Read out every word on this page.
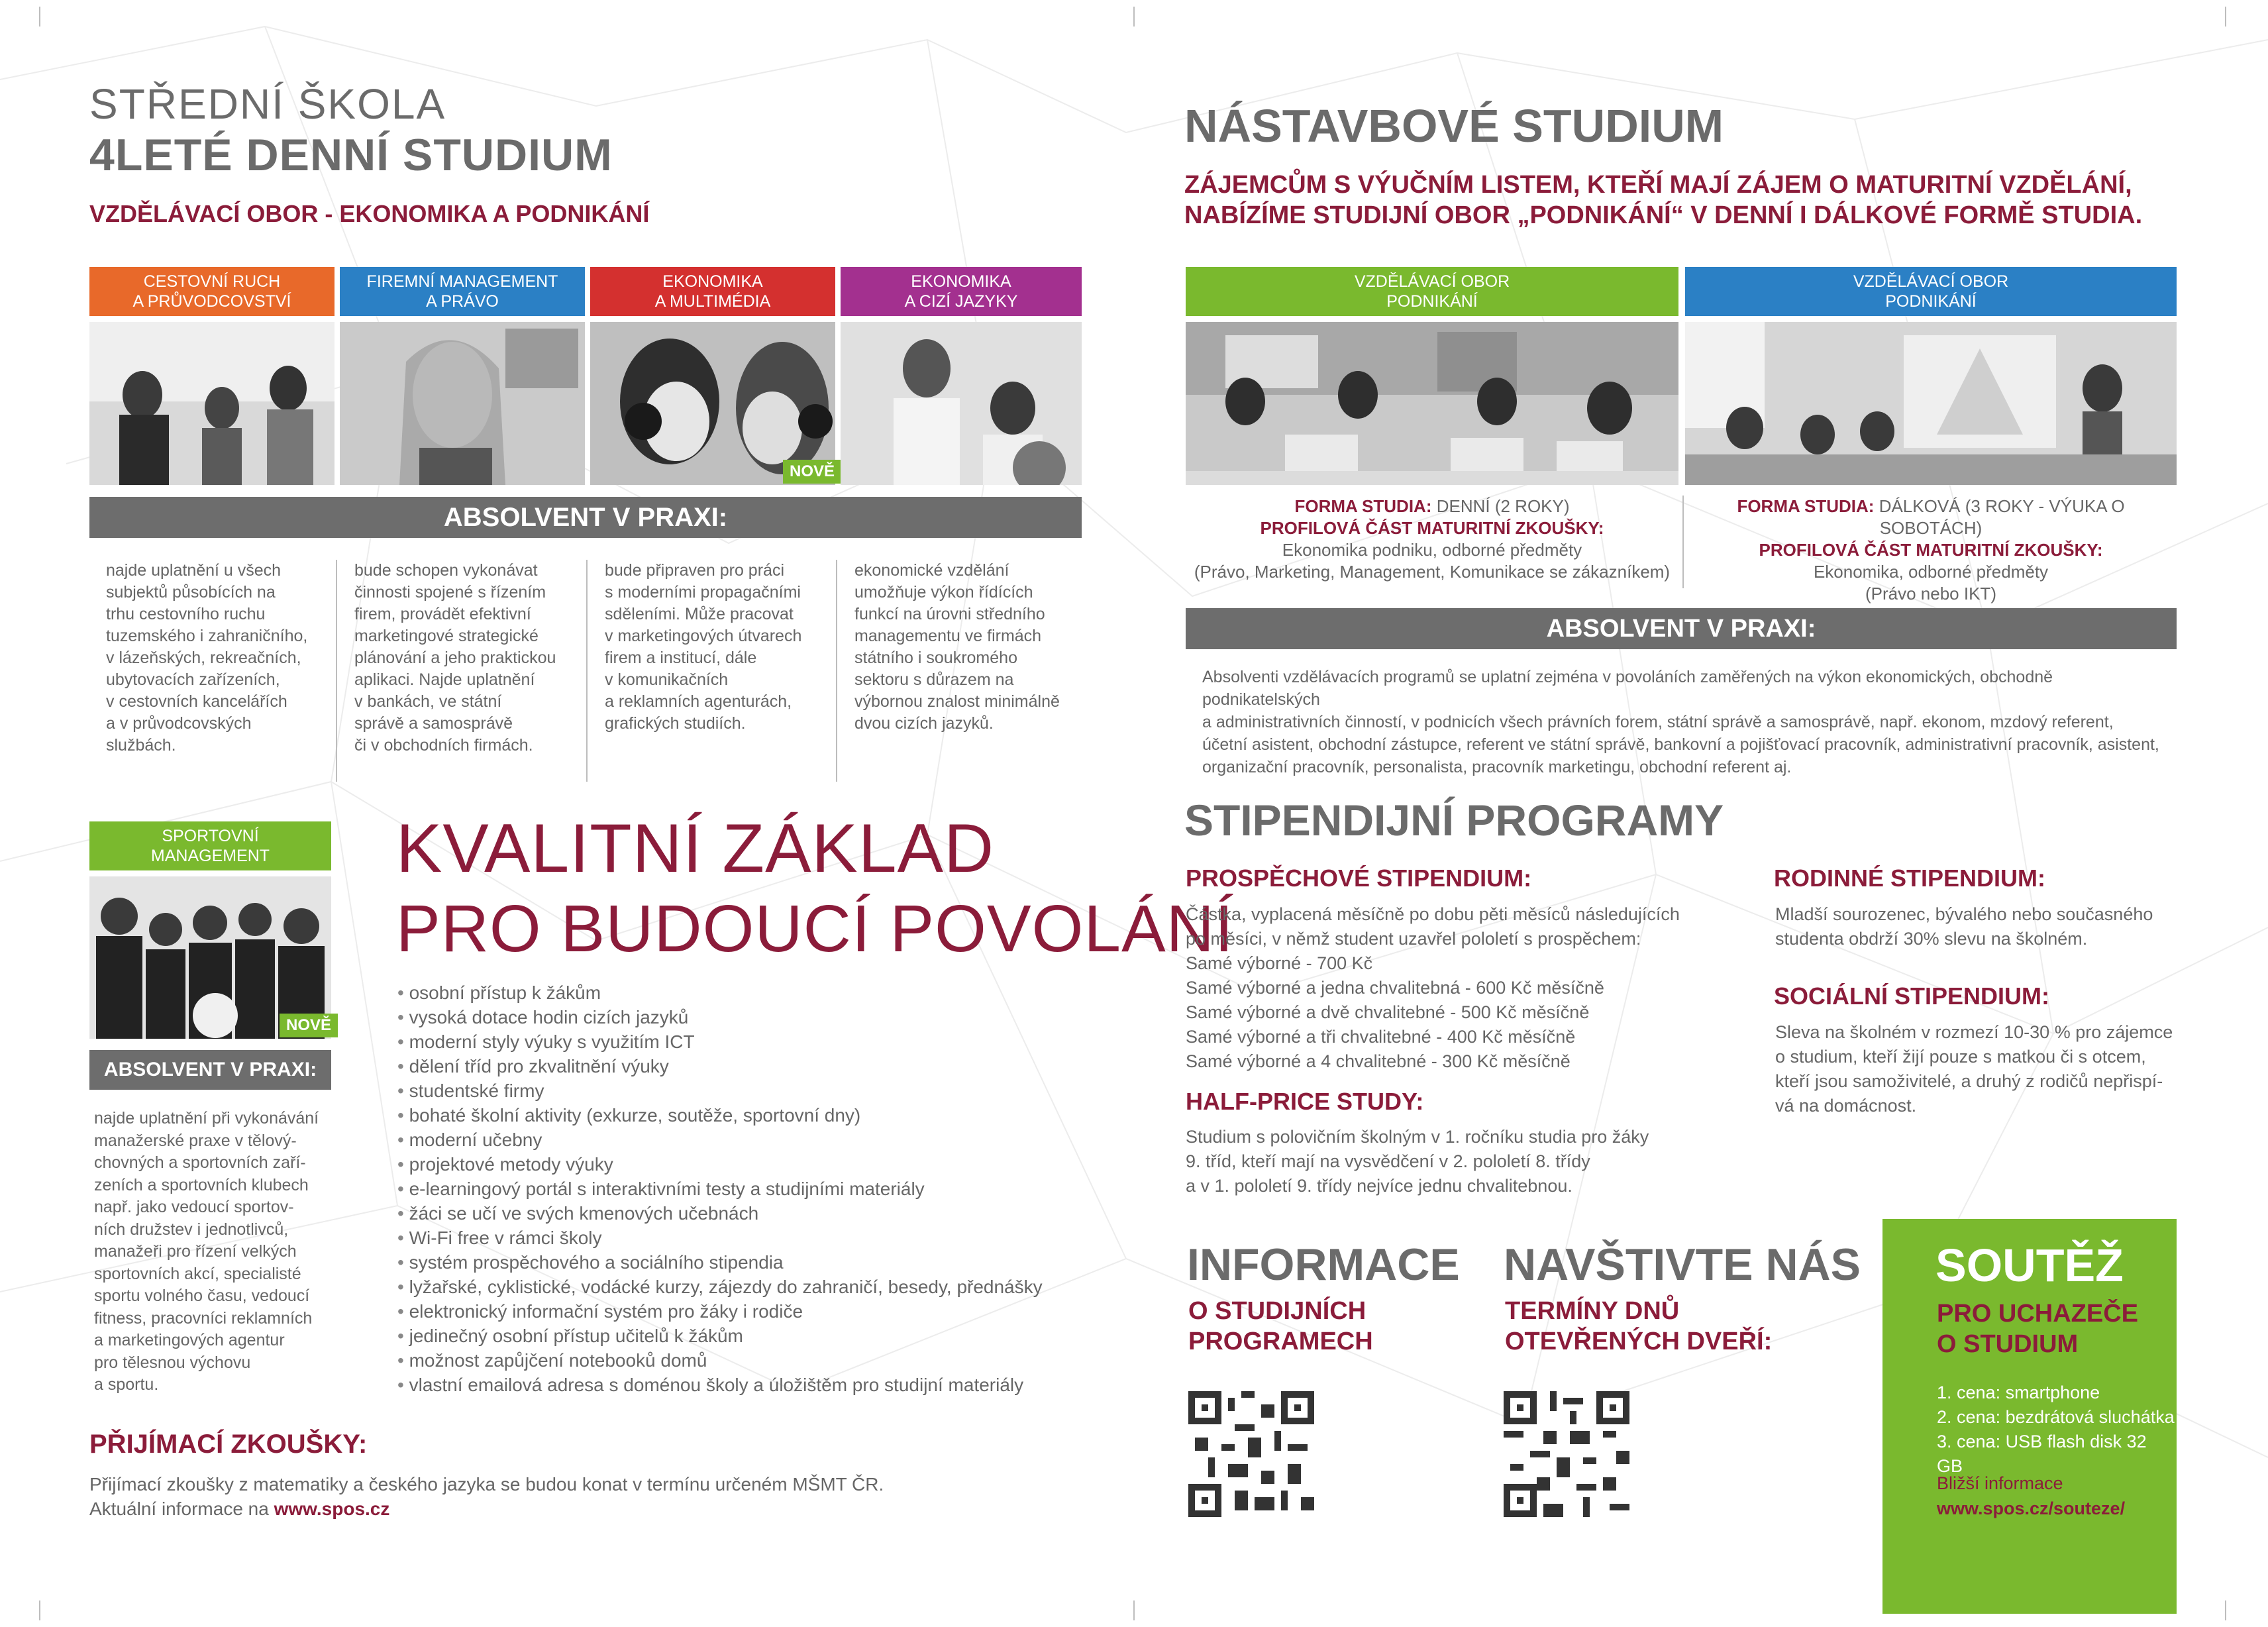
STŘEDNÍ ŠKOLA
4LETÉ DENNÍ STUDIUM
VZDĚLÁVACÍ OBOR - EKONOMIKA A PODNIKÁNÍ
CESTOVNÍ RUCH
A PRŮVODCOVSTVÍ
FIREMNÍ MANAGEMENT
A PRÁVO
EKONOMIKA
A MULTIMÉDIA
EKONOMIKA
A CIZÍ JAZYKY
NOVĚ
ABSOLVENT V PRAXI:
najde uplatnění u všech
subjektů působících na
trhu cestovního ruchu
tuzemského i zahraničního,
v lázeňských, rekreačních,
ubytovacích zařízeních,
v cestovních kancelářích
a v průvodcovských
službách.
bude schopen vykonávat
činnosti spojené s řízením
firem, provádět efektivní
marketingové strategické
plánování a jeho praktickou
aplikaci. Najde uplatnění
v bankách, ve státní
správě a samosprávě
či v obchodních firmách.
bude připraven pro práci
s moderními propagačními
sděleními. Může pracovat
v marketingových útvarech
firem a institucí, dále
v komunikačních
a reklamních agenturách,
grafických studiích.
ekonomické vzdělání
umožňuje výkon řídících
funkcí na úrovni středního
managementu ve firmách
státního i soukromého
sektoru s důrazem na
výbornou znalost minimálně
dvou cizích jazyků.
SPORTOVNÍ
MANAGEMENT
NOVĚ
ABSOLVENT V PRAXI:
najde uplatnění při vykonávání
manažerské praxe v tělový-
chovných a sportovních zaří-
zeních a sportovních klubech
např. jako vedoucí sportov-
ních družstev i jednotlivců,
manažeři pro řízení velkých
sportovních akcí, specialisté
sportu volného času, vedoucí
fitness, pracovníci reklamních
a marketingových agentur
pro tělesnou výchovu
a sportu.
KVALITNÍ ZÁKLAD
PRO BUDOUCÍ POVOLÁNÍ
• osobní přístup k žákům
• vysoká dotace hodin cizích jazyků
• moderní styly výuky s využitím ICT
• dělení tříd pro zkvalitnění výuky
• studentské firmy
• bohaté školní aktivity (exkurze, soutěže, sportovní dny)
• moderní učebny
• projektové metody výuky
• e-learningový portál s interaktivními testy a studijními materiály
• žáci se učí ve svých kmenových učebnách
• Wi-Fi free v rámci školy
• systém prospěchového a sociálního stipendia
• lyžařské, cyklistické, vodácké kurzy, zájezdy do zahraničí, besedy, přednášky
• elektronický informační systém pro žáky i rodiče
• jedinečný osobní přístup učitelů k žákům
• možnost zapůjčení notebooků domů
• vlastní emailová adresa s doménou školy a úložištěm pro studijní materiály
PŘIJÍMACÍ ZKOUŠKY:
Přijímací zkoušky z matematiky a českého jazyka se budou konat v termínu určeném MŠMT ČR.
Aktuální informace na www.spos.cz
NÁSTAVBOVÉ STUDIUM
ZÁJEMCŮM S VÝUČNÍM LISTEM, KTEŘÍ MAJÍ ZÁJEM O MATURITNÍ VZDĚLÁNÍ,
NABÍZÍME STUDIJNÍ OBOR „PODNIKÁNÍ“ V DENNÍ I DÁLKOVÉ FORMĚ STUDIA.
VZDĚLÁVACÍ OBOR
PODNIKÁNÍ
VZDĚLÁVACÍ OBOR
PODNIKÁNÍ
FORMA STUDIA: DENNÍ (2 ROKY)
PROFILOVÁ ČÁST MATURITNÍ ZKOUŠKY:
Ekonomika podniku, odborné předměty
(Právo, Marketing, Management, Komunikace se zákazníkem)
FORMA STUDIA: DÁLKOVÁ (3 ROKY - VÝUKA O SOBOTÁCH)
PROFILOVÁ ČÁST MATURITNÍ ZKOUŠKY:
Ekonomika, odborné předměty
(Právo nebo IKT)
ABSOLVENT V PRAXI:
Absolventi vzdělávacích programů se uplatní zejména v povoláních zaměřených na výkon ekonomických, obchodně podnikatelských
a administrativních činností, v podnicích všech právních forem, státní správě a samosprávě, např. ekonom, mzdový referent,
účetní asistent, obchodní zástupce, referent ve státní správě, bankovní a pojišťovací pracovník, administrativní pracovník, asistent,
organizační pracovník, personalista, pracovník marketingu, obchodní referent aj.
STIPENDIJNÍ PROGRAMY
PROSPĚCHOVÉ STIPENDIUM:
Částka, vyplacená měsíčně po dobu pěti měsíců následujících
po měsíci, v němž student uzavřel pololetí s prospěchem:
Samé výborné - 700 Kč
Samé výborné a jedna chvalitebná - 600 Kč měsíčně
Samé výborné a dvě chvalitebné - 500 Kč měsíčně
Samé výborné a tři chvalitebné - 400 Kč měsíčně
Samé výborné a 4 chvalitebné - 300 Kč měsíčně
HALF-PRICE STUDY:
Studium s polovičním školným v 1. ročníku studia pro žáky
9. tříd, kteří mají na vysvědčení v 2. pololetí 8. třídy
a v 1. pololetí 9. třídy nejvíce jednu chvalitebnou.
RODINNÉ STIPENDIUM:
Mladší sourozenec, bývalého nebo současného
studenta obdrží 30% slevu na školném.
SOCIÁLNÍ STIPENDIUM:
Sleva na školném v rozmezí 10-30 % pro zájemce
o studium, kteří žijí pouze s matkou či s otcem,
kteří jsou samoživitelé, a druhý z rodičů nepřispí-
vá na domácnost.
INFORMACE
O STUDIJNÍCH
PROGRAMECH
NAVŠTIVTE NÁS
TERMÍNY DNŮ
OTEVŘENÝCH DVEŘÍ:
SOUTĚŽ
PRO UCHAZEČE
O STUDIUM
1. cena: smartphone
2. cena: bezdrátová sluchátka
3. cena: USB flash disk 32 GB
Bližší informace
www.spos.cz/souteze/
